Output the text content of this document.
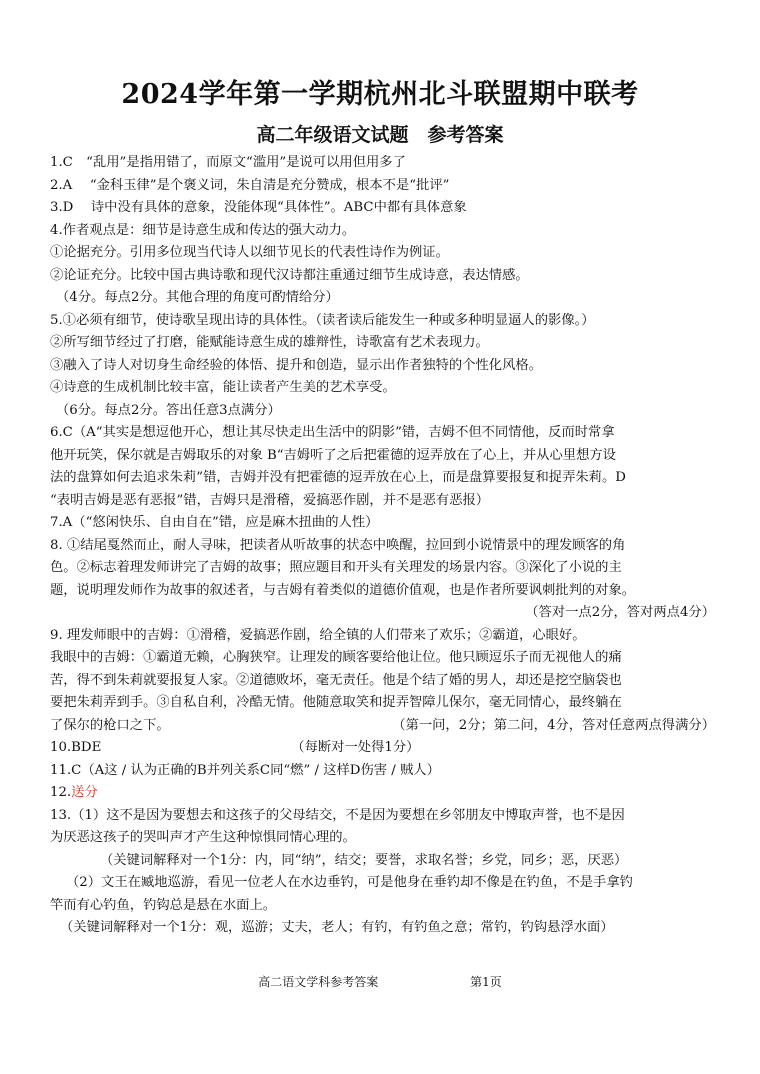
2024学年第一学期杭州北斗联盟期中联考
高二年级语文试题　参考答案

1.C　“乱用”是指用错了，而原文“滥用”是说可以用但用多了

2.A　 “金科玉律”是个褒义词，朱自清是充分赞成，根本不是“批评”

3.D　 诗中没有具体的意象，没能体现“具体性”。ABC中都有具体意象

4.作者观点是：细节是诗意生成和传达的强大动力。

①论据充分。引用多位现当代诗人以细节见长的代表性诗作为例证。

②论证充分。比较中国古典诗歌和现代汉诗都注重通过细节生成诗意，表达情感。

（4分。每点2分。其他合理的角度可酌情给分）

5.①必须有细节，使诗歌呈现出诗的具体性。（读者读后能发生一种或多种明显逼人的影像。）

②所写细节经过了打磨，能赋能诗意生成的雄辩性，诗歌富有艺术表现力。

③融入了诗人对切身生命经验的体悟、提升和创造，显示出作者独特的个性化风格。

④诗意的生成机制比较丰富，能让读者产生美的艺术享受。

（6分。每点2分。答出任意3点满分）

6.C（A“其实是想逗他开心，想让其尽快走出生活中的阴影”错，吉姆不但不同情他，反而时常拿

他开玩笑，保尔就是吉姆取乐的对象 B“吉姆听了之后把霍德的逗弄放在了心上，并从心里想方设

法的盘算如何去追求朱莉”错，吉姆并没有把霍德的逗弄放在心上，而是盘算要报复和捉弄朱莉。D

“表明吉姆是恶有恶报”错，吉姆只是滑稽，爱搞恶作剧，并不是恶有恶报）

7.A（“悠闲快乐、自由自在”错，应是麻木扭曲的人性）

8. ①结尾戛然而止，耐人寻味，把读者从听故事的状态中唤醒，拉回到小说情景中的理发顾客的角

色。②标志着理发师讲完了吉姆的故事；照应题目和开头有关理发的场景内容。③深化了小说的主

题，说明理发师作为故事的叙述者，与吉姆有着类似的道德价值观，也是作者所要讽刺批判的对象。

（答对一点2分，答对两点4分）

9. 理发师眼中的吉姆：①滑稽，爱搞恶作剧，给全镇的人们带来了欢乐；②霸道，心眼好。

我眼中的吉姆：①霸道无赖，心胸狭窄。让理发的顾客要给他让位。他只顾逗乐子而无视他人的痛

苦，得不到朱莉就要报复人家。②道德败坏，毫无责任。他是个结了婚的男人，却还是挖空脑袋也

要把朱莉弄到手。③自私自利，冷酷无情。他随意取笑和捉弄智障儿保尔，毫无同情心，最终躺在

了保尔的枪口之下。	（第一问，2分；第二问，4分，答对任意两点得满分）

10.BDE	（每断对一处得1分）

11.C（A这 / 认为正确的B并列关系C同“燃” / 这样D伤害 / 贼人）

12.送分

13.（1）这不是因为要想去和这孩子的父母结交，不是因为要想在乡邻朋友中博取声誉，也不是因

为厌恶这孩子的哭叫声才产生这种惊惧同情心理的。

（关键词解释对一个1分：内，同“纳”，结交；要誉，求取名誉；乡党，同乡；恶，厌恶）

（2）文王在臧地巡游，看见一位老人在水边垂钓，可是他身在垂钓却不像是在钓鱼，不是手拿钓

竿而有心钓鱼，钓钩总是悬在水面上。

（关键词解释对一个1分：观，巡游；丈夫，老人；有钓，有钓鱼之意；常钓，钓钩悬浮水面）

高二语文学科参考答案	第1页
